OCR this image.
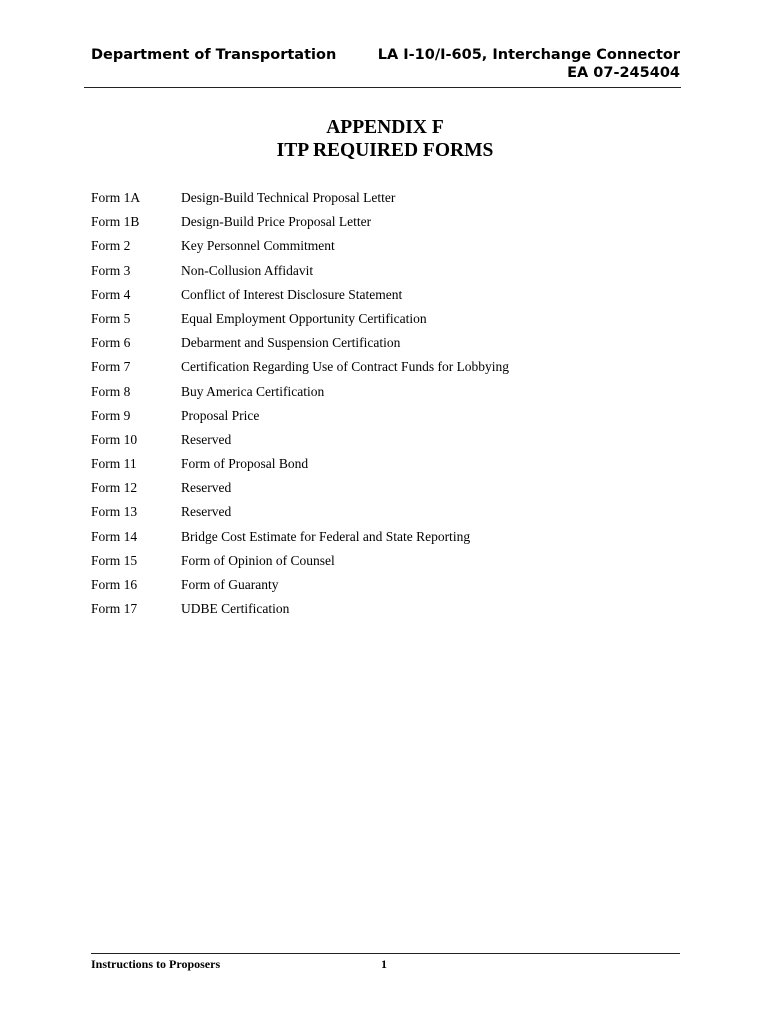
Department of Transportation	LA I-10/I-605, Interchange Connector
EA 07-245404
APPENDIX F
ITP REQUIRED FORMS
Form 1A	Design-Build Technical Proposal Letter
Form 1B	Design-Build Price Proposal Letter
Form 2	Key Personnel Commitment
Form 3	Non-Collusion Affidavit
Form 4	Conflict of Interest Disclosure Statement
Form 5	Equal Employment Opportunity Certification
Form 6	Debarment and Suspension Certification
Form 7	Certification Regarding Use of Contract Funds for Lobbying
Form 8	Buy America Certification
Form 9	Proposal Price
Form 10	Reserved
Form 11	Form of Proposal Bond
Form 12	Reserved
Form 13	Reserved
Form 14	Bridge Cost Estimate for Federal and State Reporting
Form 15	Form of Opinion of Counsel
Form 16	Form of Guaranty
Form 17	UDBE Certification
Instructions to Proposers	1
